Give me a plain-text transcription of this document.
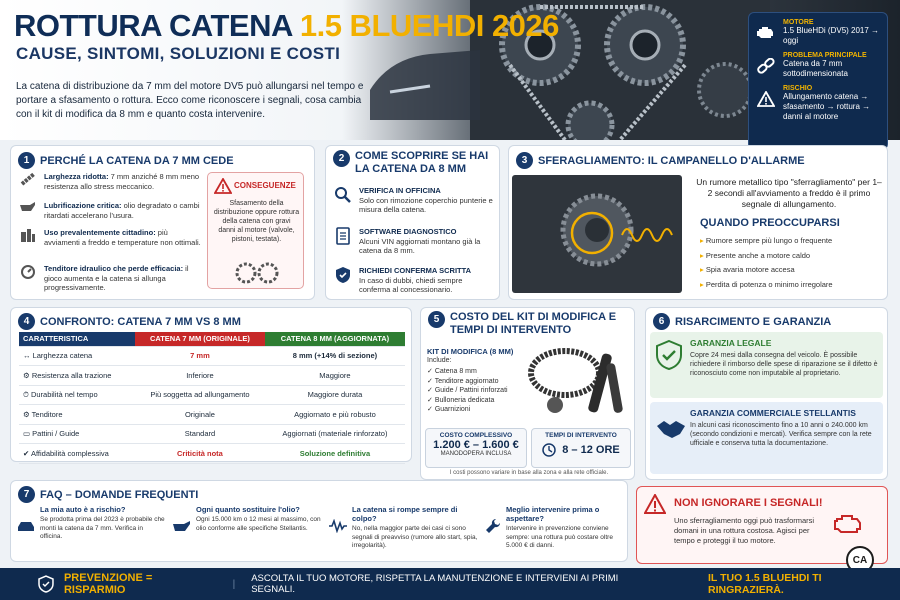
ROTTURA CATENA 1.5 BLUEHDI 2026
CAUSE, SINTOMI, SOLUZIONI E COSTI
La catena di distribuzione da 7 mm del motore DV5 può allungarsi nel tempo e portare a sfasamento o rottura. Ecco come riconoscere i segnali, cosa cambia con il kit di modifica da 8 mm e quanto costa intervenire.
MOTORE
1.5 BlueHDi (DV5) 2017 → oggi
PROBLEMA PRINCIPALE
Catena da 7 mm sottodimensionata
RISCHIO
Allungamento catena → sfasamento → rottura → danni al motore
1 PERCHÉ LA CATENA DA 7 MM CEDE
Larghezza ridotta: 7 mm anziché 8 mm meno resistenza allo stress meccanico.
Lubrificazione critica: olio degradato o cambi ritardati accelerano l'usura.
Uso prevalentemente cittadino: più avviamenti a freddo e temperature non ottimali.
Tenditore idraulico che perde efficacia: il gioco aumenta e la catena si allunga progressivamente.
CONSEGUENZE
Sfasamento della distribuzione oppure rottura della catena con gravi danni al motore (valvole, pistoni, testata).
2 COME SCOPRIRE SE HAI LA CATENA DA 8 MM
VERIFICA IN OFFICINA
Solo con rimozione coperchio punterie e misura della catena.
SOFTWARE DIAGNOSTICO
Alcuni VIN aggiornati montano già la catena da 8 mm.
RICHIEDI CONFERMA SCRITTA
In caso di dubbi, chiedi sempre conferma al concessionario.
3 SFERAGLIAMENTO: IL CAMPANELLO D'ALLARME
Un rumore metallico tipo "sferragliamento" per 1–2 secondi all'avviamento a freddo è il primo segnale di allungamento.
QUANDO PREOCCUPARSI
▸ Rumore sempre più lungo o frequente
▸ Presente anche a motore caldo
▸ Spia avaria motore accesa
▸ Perdita di potenza o minimo irregolare
4 CONFRONTO: CATENA 7 MM VS 8 MM
CARATTERISTICA	CATENA 7 MM (ORIGINALE)	CATENA 8 MM (AGGIORNATA)
↔ Larghezza catena	7 mm	8 mm (+14% di sezione)
⚙ Resistenza alla trazione	Inferiore	Maggiore
⏱ Durabilità nel tempo	Più soggetta ad allungamento	Maggiore durata
⚙ Tenditore	Originale	Aggiornato e più robusto
▭ Pattini / Guide	Standard	Aggiornati (materiale rinforzato)
✔ Affidabilità complessiva	Criticità nota	Soluzione definitiva
5 COSTO DEL KIT DI MODIFICA E TEMPI DI INTERVENTO
KIT DI MODIFICA (8 MM)
Include:
✓ Catena 8 mm
✓ Tenditore aggiornato
✓ Guide / Pattini rinforzati
✓ Bulloneria dedicata
✓ Guarnizioni
COSTO COMPLESSIVO
1.200 € – 1.600 €
MANODOPERA INCLUSA
TEMPI DI INTERVENTO
8 – 12 ORE
I costi possono variare in base alla zona e alla rete officiale.
6 RISARCIMENTO E GARANZIA
GARANZIA LEGALE
Copre 24 mesi dalla consegna del veicolo. È possibile richiedere il rimborso delle spese di riparazione se il difetto è riconosciuto come non imputabile al proprietario.
GARANZIA COMMERCIALE STELLANTIS
In alcuni casi riconoscimento fino a 10 anni o 240.000 km (secondo condizioni e mercati). Verifica sempre con la rete ufficiale e conserva tutta la documentazione.
7 FAQ – DOMANDE FREQUENTI
La mia auto è a rischio?
Se prodotta prima del 2023 è probabile che monti la catena da 7 mm. Verifica in officina.
Ogni quanto sostituire l'olio?
Ogni 15.000 km o 12 mesi al massimo, con olio conforme alle specifiche Stellantis.
La catena si rompe sempre di colpo?
No, nella maggior parte dei casi ci sono segnali di preavviso (rumore allo start, spia, irregolarità).
Meglio intervenire prima o aspettare?
Intervenire in prevenzione conviene sempre: una rottura può costare oltre 5.000 € di danni.
NON IGNORARE I SEGNALI!
Uno sferragliamento oggi può trasformarsi domani in una rottura costosa. Agisci per tempo e proteggi il tuo motore.
CA
PREVENZIONE = RISPARMIO	| ASCOLTA IL TUO MOTORE, RISPETTA LA MANUTENZIONE E INTERVIENI AI PRIMI SEGNALI.
IL TUO 1.5 BLUEHDI TI RINGRAZIERÀ.
